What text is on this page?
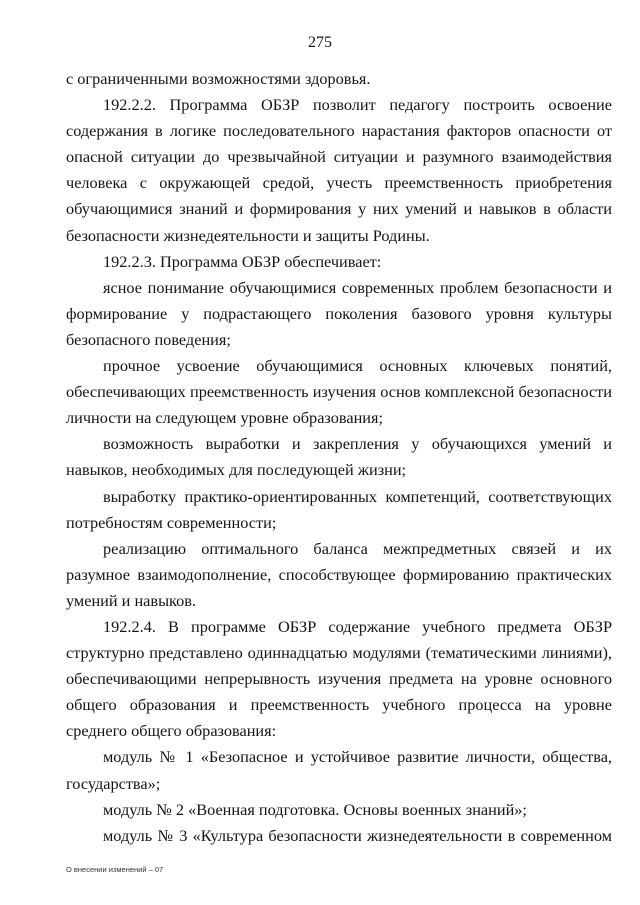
275

с ограниченными возможностями здоровья.

192.2.2. Программа ОБЗР позволит педагогу построить освоение содержания в логике последовательного нарастания факторов опасности от опасной ситуации до чрезвычайной ситуации и разумного взаимодействия человека с окружающей средой, учесть преемственность приобретения обучающимися знаний и формирования у них умений и навыков в области безопасности жизнедеятельности и защиты Родины.

192.2.3. Программа ОБЗР обеспечивает:

ясное понимание обучающимися современных проблем безопасности и формирование у подрастающего поколения базового уровня культуры безопасного поведения;

прочное усвоение обучающимися основных ключевых понятий, обеспечивающих преемственность изучения основ комплексной безопасности личности на следующем уровне образования;

возможность выработки и закрепления у обучающихся умений и навыков, необходимых для последующей жизни;

выработку практико-ориентированных компетенций, соответствующих потребностям современности;

реализацию оптимального баланса межпредметных связей и их разумное взаимодополнение, способствующее формированию практических умений и навыков.

192.2.4. В программе ОБЗР содержание учебного предмета ОБЗР структурно представлено одиннадцатью модулями (тематическими линиями), обеспечивающими непрерывность изучения предмета на уровне основного общего образования и преемственность учебного процесса на уровне среднего общего образования:

модуль № 1 «Безопасное и устойчивое развитие личности, общества, государства»;

модуль № 2 «Военная подготовка. Основы военных знаний»;

модуль № 3 «Культура безопасности жизнедеятельности в современном

О внесении изменений – 07
